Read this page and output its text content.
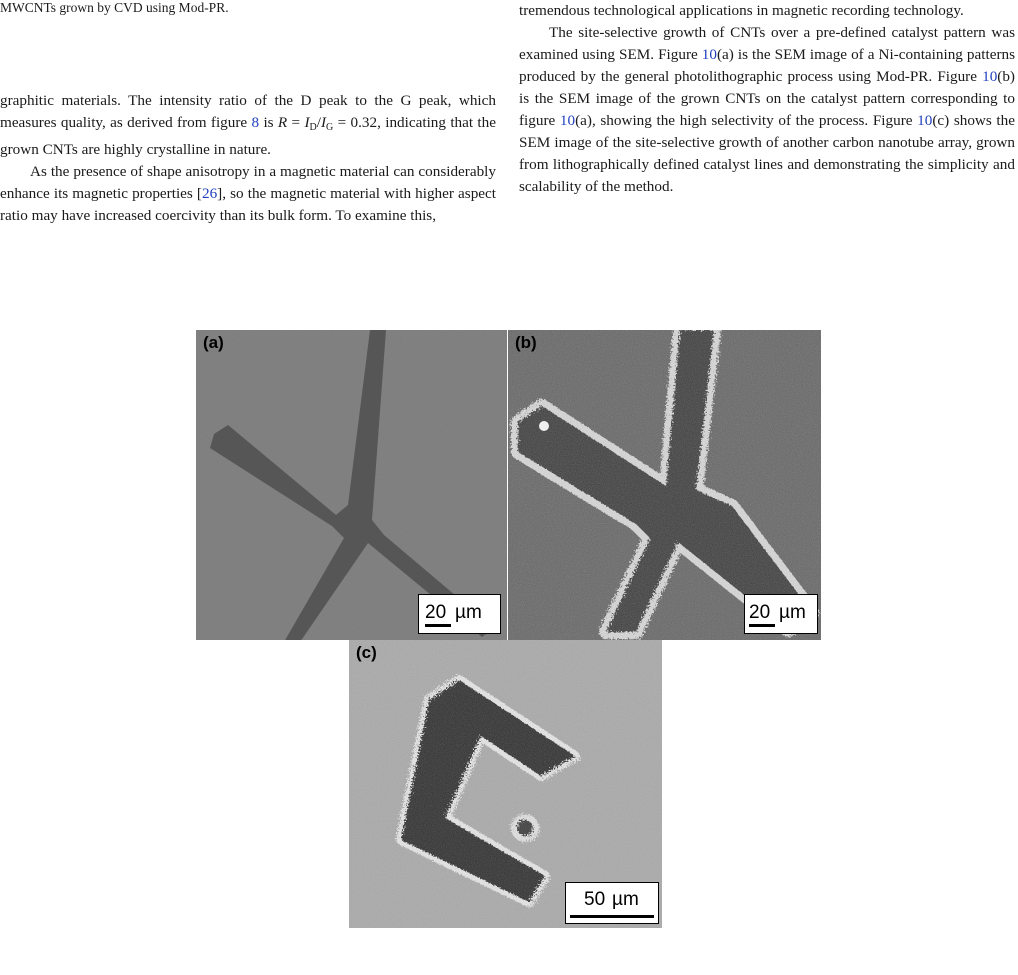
MWCNTs grown by CVD using Mod-PR.

graphitic materials. The intensity ratio of the D peak to the G peak, which measures quality, as derived from figure 8 is $R = I_D/I_G = 0.32$, indicating that the grown CNTs are highly crystalline in nature.

As the presence of shape anisotropy in a magnetic material can considerably enhance its magnetic properties [26], so the magnetic material with higher aspect ratio may have increased coercivity than its bulk form. To examine this,

tremendous technological applications in magnetic recording technology.

The site-selective growth of CNTs over a pre-defined catalyst pattern was examined using SEM. Figure 10(a) is the SEM image of a Ni-containing patterns produced by the general photolithographic process using Mod-PR. Figure 10(b) is the SEM image of the grown CNTs on the catalyst pattern corresponding to figure 10(a), showing the high selectivity of the process. Figure 10(c) shows the SEM image of the site-selective growth of another carbon nanotube array, grown from lithographically defined catalyst lines and demonstrating the simplicity and scalability of the method.

(a)
20 µm
(b)
20 µm
(c)
50 µm
